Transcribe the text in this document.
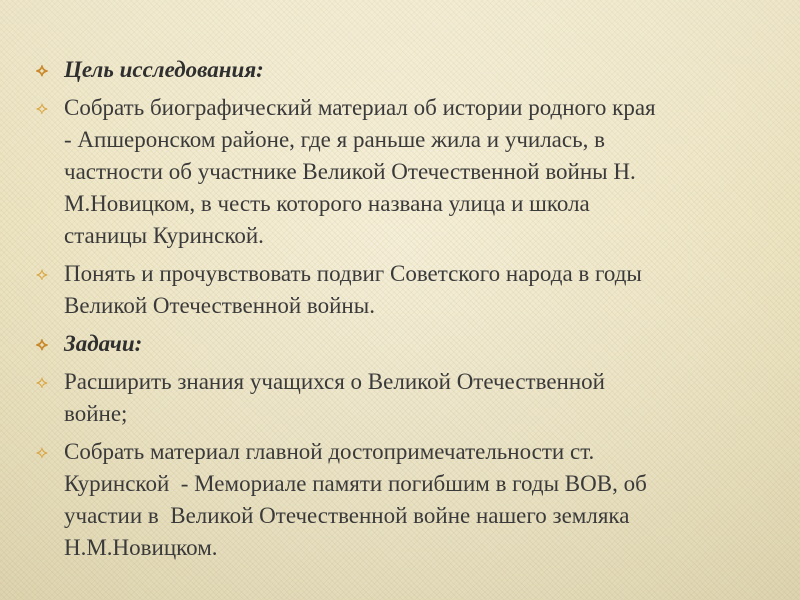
⟡ Цель исследования:
⟡ Собрать биографический материал об истории родного края
- Апшеронском районе, где я раньше жила и училась, в
частности об участнике Великой Отечественной войны Н.
М.Новицком, в честь которого названа улица и школа
станицы Куринской.
⟡ Понять и прочувствовать подвиг Советского народа в годы
Великой Отечественной войны.
⟡ Задачи:
⟡ Расширить знания учащихся о Великой Отечественной
войне;
⟡ Собрать материал главной достопримечательности ст.
Куринской  - Мемориале памяти погибшим в годы ВОВ, об
участии в  Великой Отечественной войне нашего земляка
Н.М.Новицком.
